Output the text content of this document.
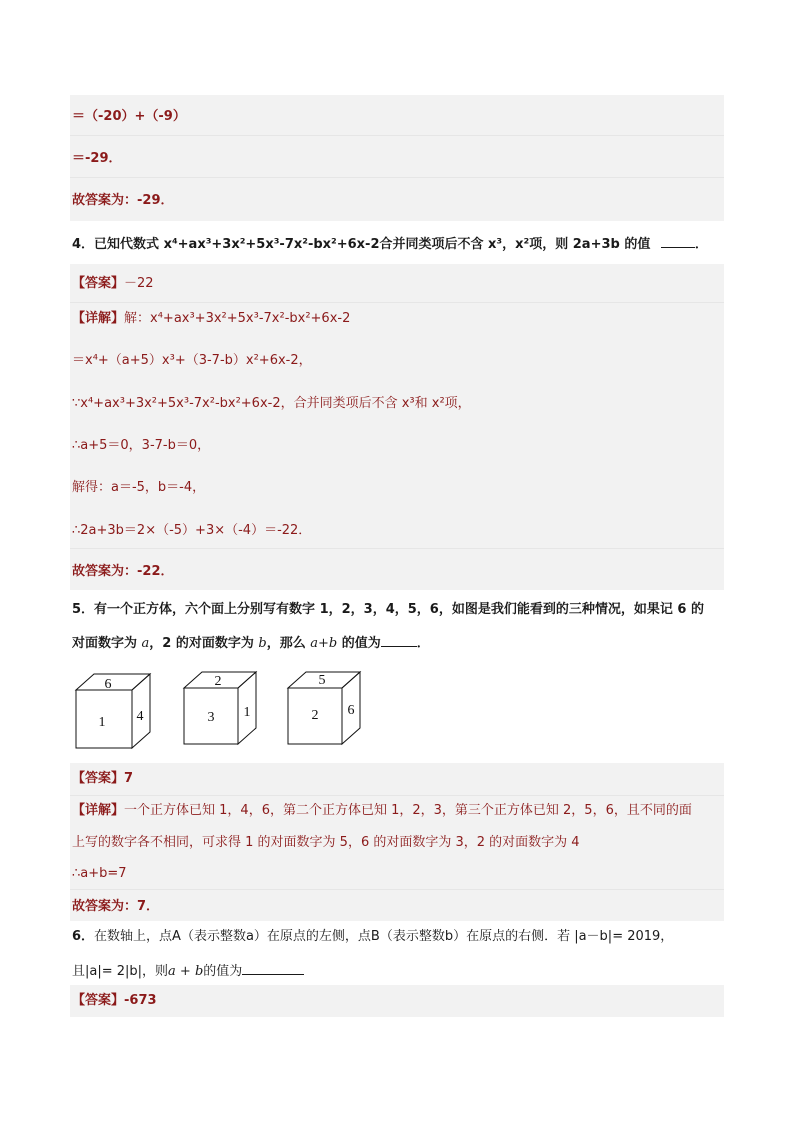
＝（-20）+（-9）
＝-29．
故答案为：-29．
4．已知代数式 x⁴+ax³+3x²+5x³-7x²-bx²+6x-2合并同类项后不含 x³，x²项，则 2a+3b 的值	．
【答案】－22
【详解】解：x⁴+ax³+3x²+5x³-7x²-bx²+6x-2
＝x⁴+（a+5）x³+（3-7-b）x²+6x-2，
∵x⁴+ax³+3x²+5x³-7x²-bx²+6x-2，合并同类项后不含 x³和 x²项，
∴a+5＝0，3-7-b＝0，
解得：a＝-5，b＝-4，
∴2a+3b＝2×（-5）+3×（-4）＝-22．
故答案为：-22．
5．有一个正方体，六个面上分别写有数字 1，2，3，4，5，6，如图是我们能看到的三种情况，如果记 6 的
对面数字为 a，2 的对面数字为 b，那么 a+b 的值为	．
6
1 4
2
3 1
5
2 6
【答案】7
【详解】一个正方体已知 1，4，6，第二个正方体已知 1，2，3，第三个正方体已知 2，5，6，且不同的面
上写的数字各不相同，可求得 1 的对面数字为 5，6 的对面数字为 3，2 的对面数字为 4
∴a+b=7
故答案为：7．
6．在数轴上，点A（表示整数a）在原点的左侧，点B（表示整数b）在原点的右侧．若 |a－b|= 2019，
且|a|= 2|b|，则a + b的值为
【答案】-673
